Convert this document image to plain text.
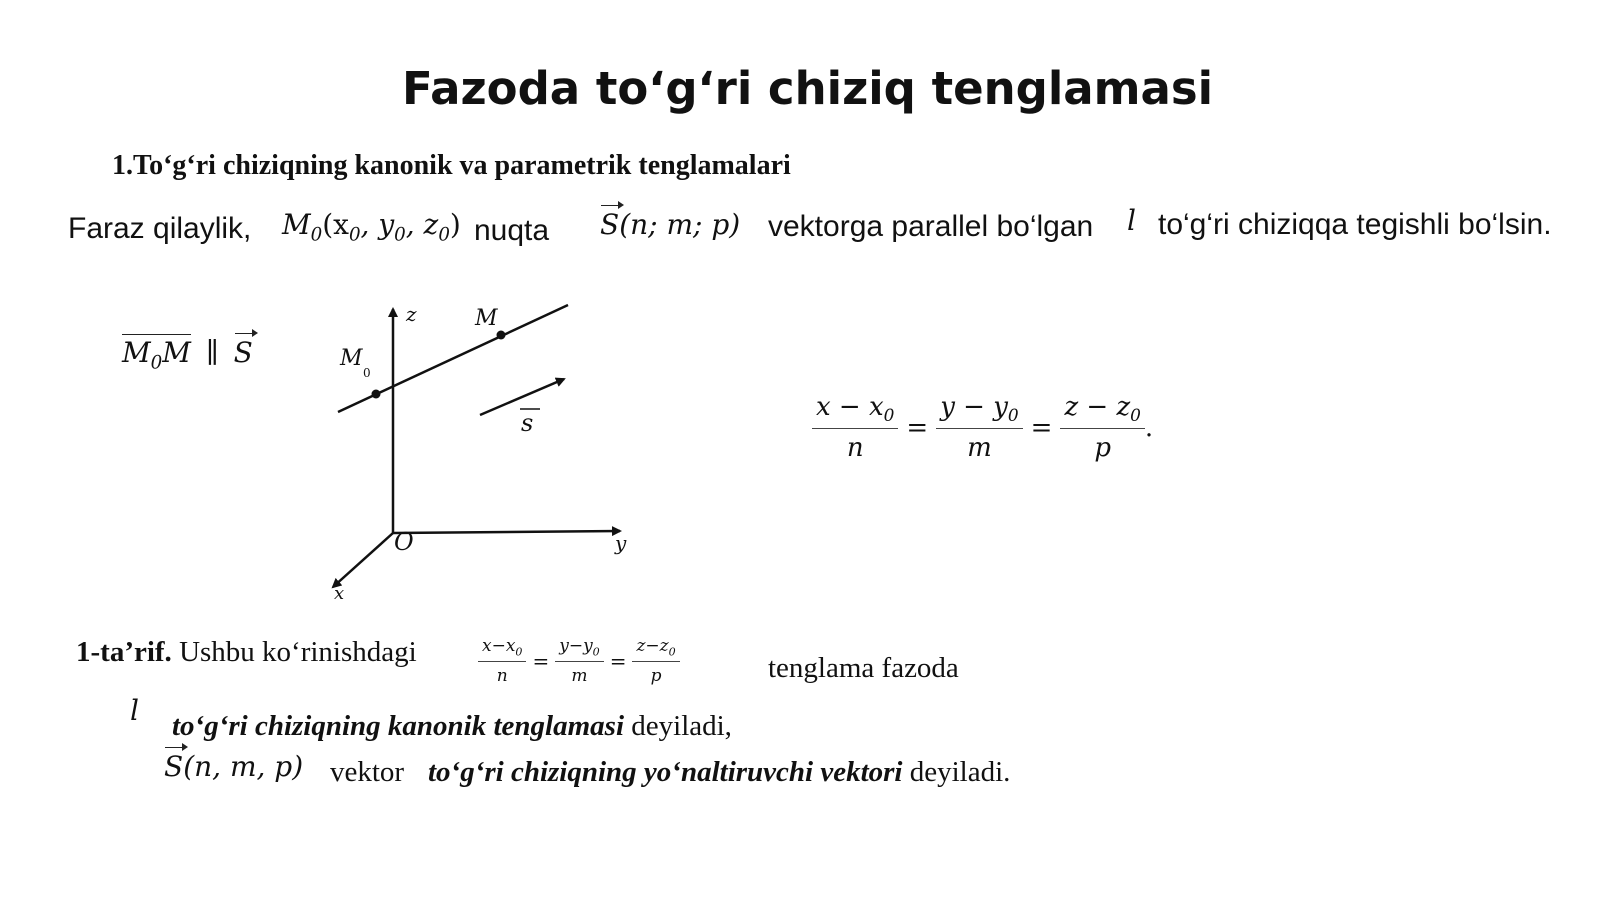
Fazoda to‘g‘ri chiziq tenglamasi
1.To‘g‘ri chiziqning kanonik va parametrik tenglamalari
Faraz qilaylik, $M_0(x_0$, $y_0$, $z_0$) nuqta S(n; m; p) vektorga parallel bo‘lgan l to‘g‘ri chiziqqa tegishli bo‘lsin.
$M_0M$ ∥ S
z	M
M
0
s
O	y
x
$\frac{x - x_0}{n} = \frac{y - y_0}{m} = \frac{z - z_0}{p}$ .
1-ta’rif. Ushbu ko‘rinishdagi	$\frac{x-x_0}{n} = \frac{y-y_0}{m} = \frac{z-z_0}{p}$	tenglama fazoda
l to‘g‘ri chiziqning kanonik tenglamasi deyiladi,
S(n, m, p) vektor to‘g‘ri chiziqning yo‘naltiruvchi vektori deyiladi.
